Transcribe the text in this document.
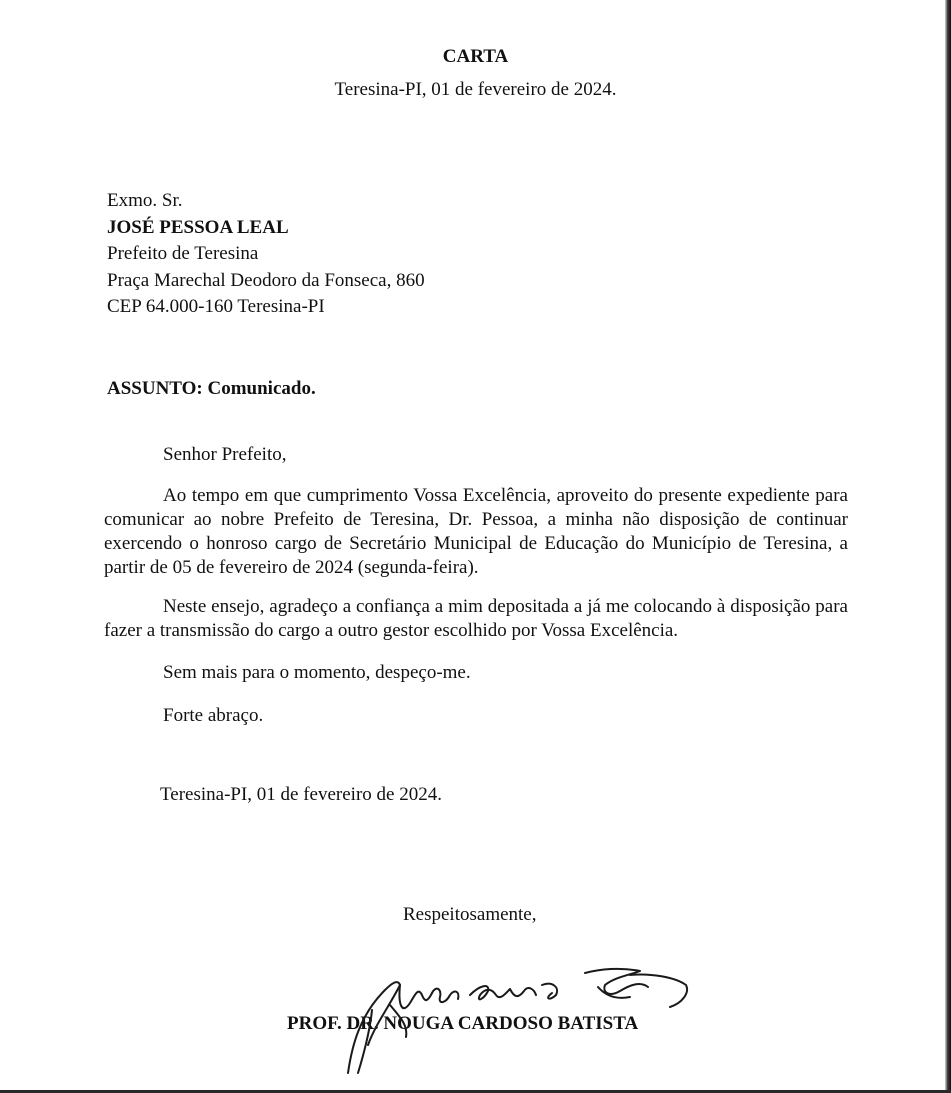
CARTA
Teresina-PI, 01 de fevereiro de 2024.
Exmo. Sr.
JOSÉ PESSOA LEAL
Prefeito de Teresina
Praça Marechal Deodoro da Fonseca, 860
CEP 64.000-160 Teresina-PI
ASSUNTO: Comunicado.
Senhor Prefeito,
Ao tempo em que cumprimento Vossa Excelência, aproveito do presente expediente para comunicar ao nobre Prefeito de Teresina, Dr. Pessoa, a minha não disposição de continuar exercendo o honroso cargo de Secretário Municipal de Educação do Município de Teresina, a partir de 05 de fevereiro de 2024 (segunda-feira).
Neste ensejo, agradeço a confiança a mim depositada a já me colocando à disposição para fazer a transmissão do cargo a outro gestor escolhido por Vossa Excelência.
Sem mais para o momento, despeço-me.
Forte abraço.
Teresina-PI, 01 de fevereiro de 2024.
Respeitosamente,
PROF. DR. NOUGA CARDOSO BATISTA
